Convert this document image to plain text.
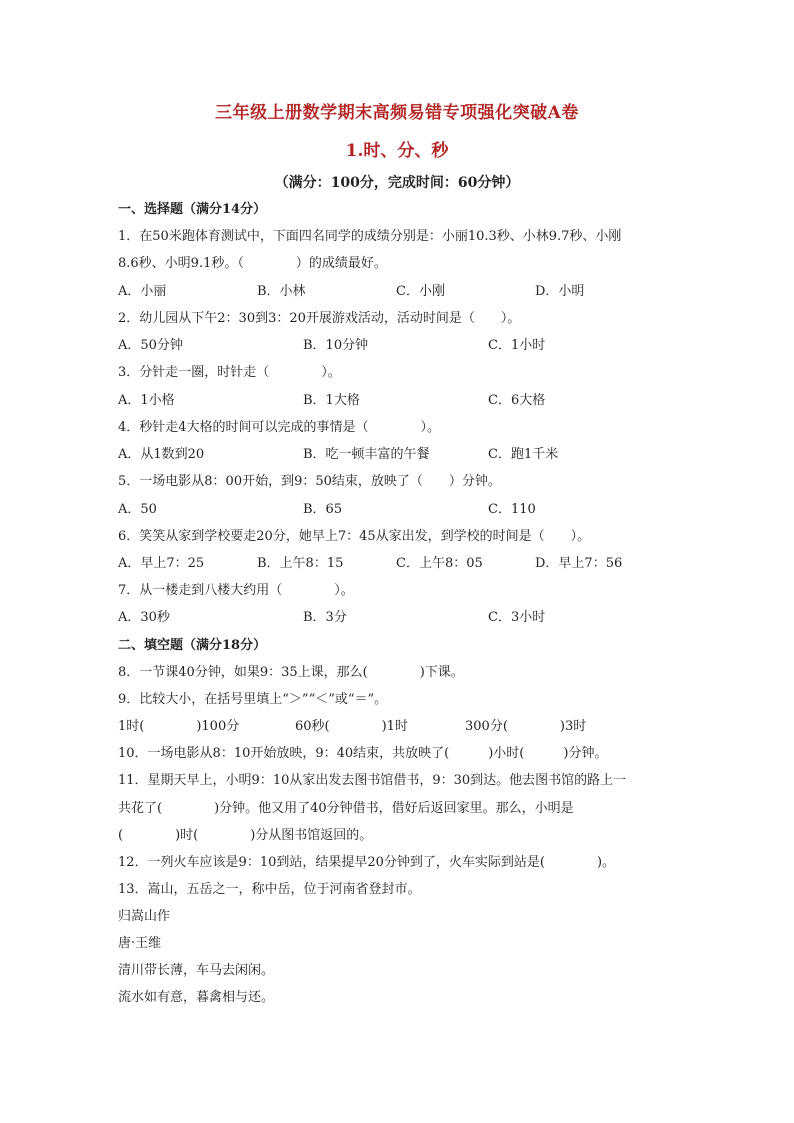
三年级上册数学期末高频易错专项强化突破A卷
1.时、分、秒
（满分：100分，完成时间：60分钟）
一、选择题（满分14分）
1．在50米跑体育测试中，下面四名同学的成绩分别是：小丽10.3秒、小林9.7秒、小刚
8.6秒、小明9.1秒。（　　　　）的成绩最好。
A．小丽	B．小林	C．小刚	D．小明
2．幼儿园从下午2：30到3：20开展游戏活动，活动时间是（　　）。
A．50分钟	B．10分钟	C．1小时
3．分针走一圈，时针走（　　　　）。
A．1小格	B．1大格	C．6大格
4．秒针走4大格的时间可以完成的事情是（　　　　）。
A．从1数到20	B．吃一顿丰富的午餐	C．跑1千米
5．一场电影从8：00开始，到9：50结束，放映了（　　）分钟。
A．50	B．65	C．110
6．笑笑从家到学校要走20分，她早上7：45从家出发，到学校的时间是（　　）。
A．早上7：25	B．上午8：15	C．上午8：05	D．早上7：56
7．从一楼走到八楼大约用（　　　　）。
A．30秒	B．3分	C．3小时
二、填空题（满分18分）
8．一节课40分钟，如果9：35上课，那么(　　　　)下课。
9．比较大小，在括号里填上“＞”“＜”或“＝”。
1时(　　　　)100分	60秒(　　　　)1时	300分(　　　　)3时
10．一场电影从8：10开始放映，9：40结束，共放映了(　　　)小时(　　　)分钟。
11．星期天早上，小明9：10从家出发去图书馆借书，9：30到达。他去图书馆的路上一
共花了(　　　　)分钟。他又用了40分钟借书，借好后返回家里。那么，小明是
(　　　　)时(　　　　)分从图书馆返回的。
12．一列火车应该是9：10到站，结果提早20分钟到了，火车实际到站是(　　　　)。
13．嵩山，五岳之一，称中岳，位于河南省登封市。
归嵩山作
唐·王维
清川带长薄，车马去闲闲。
流水如有意，暮禽相与还。
